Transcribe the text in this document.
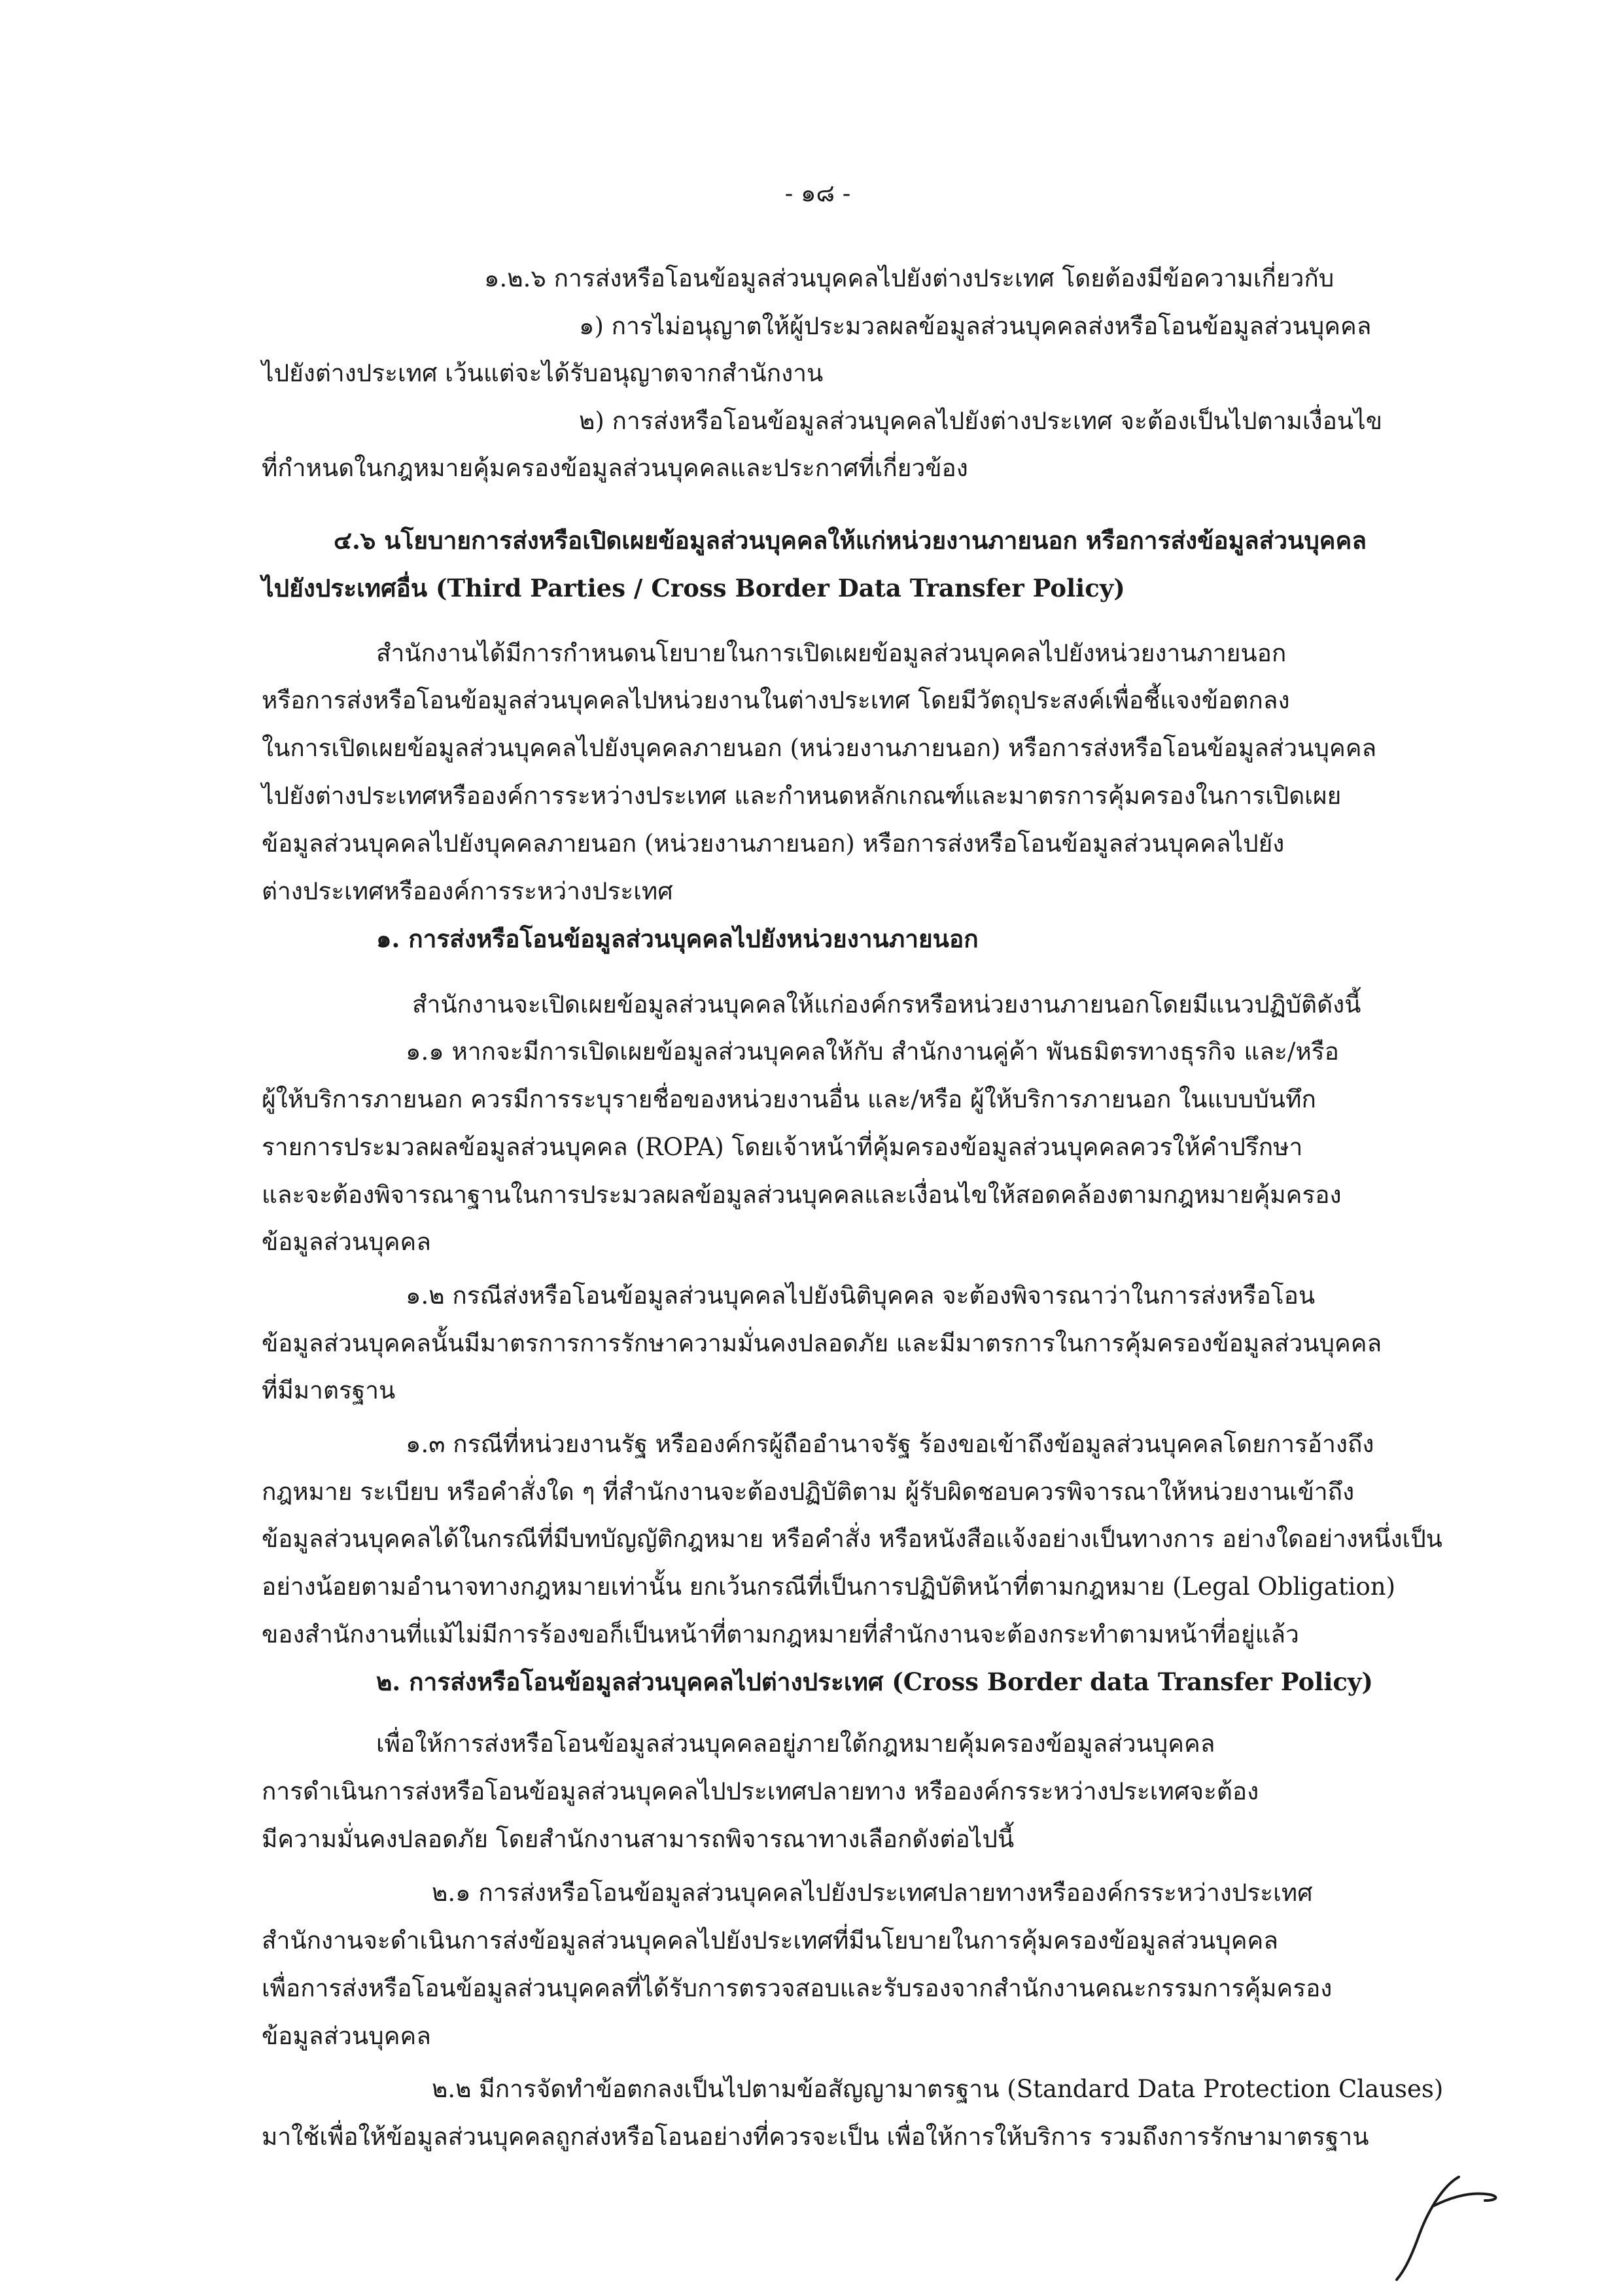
- ๑๘ -
๑.๒.๖ การส่งหรือโอนข้อมูลส่วนบุคคลไปยังต่างประเทศ โดยต้องมีข้อความเกี่ยวกับ
๑) การไม่อนุญาตให้ผู้ประมวลผลข้อมูลส่วนบุคคลส่งหรือโอนข้อมูลส่วนบุคคล
ไปยังต่างประเทศ เว้นแต่จะได้รับอนุญาตจากสำนักงาน
๒) การส่งหรือโอนข้อมูลส่วนบุคคลไปยังต่างประเทศ จะต้องเป็นไปตามเงื่อนไข
ที่กำหนดในกฎหมายคุ้มครองข้อมูลส่วนบุคคลและประกาศที่เกี่ยวข้อง
๔.๖ นโยบายการส่งหรือเปิดเผยข้อมูลส่วนบุคคลให้แก่หน่วยงานภายนอก หรือการส่งข้อมูลส่วนบุคคล
ไปยังประเทศอื่น (Third Parties / Cross Border Data Transfer Policy)
สำนักงานได้มีการกำหนดนโยบายในการเปิดเผยข้อมูลส่วนบุคคลไปยังหน่วยงานภายนอก
หรือการส่งหรือโอนข้อมูลส่วนบุคคลไปหน่วยงานในต่างประเทศ โดยมีวัตถุประสงค์เพื่อชี้แจงข้อตกลง
ในการเปิดเผยข้อมูลส่วนบุคคลไปยังบุคคลภายนอก (หน่วยงานภายนอก) หรือการส่งหรือโอนข้อมูลส่วนบุคคล
ไปยังต่างประเทศหรือองค์การระหว่างประเทศ และกำหนดหลักเกณฑ์และมาตรการคุ้มครองในการเปิดเผย
ข้อมูลส่วนบุคคลไปยังบุคคลภายนอก (หน่วยงานภายนอก) หรือการส่งหรือโอนข้อมูลส่วนบุคคลไปยัง
ต่างประเทศหรือองค์การระหว่างประเทศ
๑. การส่งหรือโอนข้อมูลส่วนบุคคลไปยังหน่วยงานภายนอก
สำนักงานจะเปิดเผยข้อมูลส่วนบุคคลให้แก่องค์กรหรือหน่วยงานภายนอกโดยมีแนวปฏิบัติดังนี้
๑.๑ หากจะมีการเปิดเผยข้อมูลส่วนบุคคลให้กับ สำนักงานคู่ค้า พันธมิตรทางธุรกิจ และ/หรือ
ผู้ให้บริการภายนอก ควรมีการระบุรายชื่อของหน่วยงานอื่น และ/หรือ ผู้ให้บริการภายนอก ในแบบบันทึก
รายการประมวลผลข้อมูลส่วนบุคคล (ROPA) โดยเจ้าหน้าที่คุ้มครองข้อมูลส่วนบุคคลควรให้คำปรึกษา
และจะต้องพิจารณาฐานในการประมวลผลข้อมูลส่วนบุคคลและเงื่อนไขให้สอดคล้องตามกฎหมายคุ้มครอง
ข้อมูลส่วนบุคคล
๑.๒ กรณีส่งหรือโอนข้อมูลส่วนบุคคลไปยังนิติบุคคล จะต้องพิจารณาว่าในการส่งหรือโอน
ข้อมูลส่วนบุคคลนั้นมีมาตรการการรักษาความมั่นคงปลอดภัย และมีมาตรการในการคุ้มครองข้อมูลส่วนบุคคล
ที่มีมาตรฐาน
๑.๓ กรณีที่หน่วยงานรัฐ หรือองค์กรผู้ถืออำนาจรัฐ ร้องขอเข้าถึงข้อมูลส่วนบุคคลโดยการอ้างถึง
กฎหมาย ระเบียบ หรือคำสั่งใด ๆ ที่สำนักงานจะต้องปฏิบัติตาม ผู้รับผิดชอบควรพิจารณาให้หน่วยงานเข้าถึง
ข้อมูลส่วนบุคคลได้ในกรณีที่มีบทบัญญัติกฎหมาย หรือคำสั่ง หรือหนังสือแจ้งอย่างเป็นทางการ อย่างใดอย่างหนึ่งเป็น
อย่างน้อยตามอำนาจทางกฎหมายเท่านั้น ยกเว้นกรณีที่เป็นการปฏิบัติหน้าที่ตามกฎหมาย (Legal Obligation)
ของสำนักงานที่แม้ไม่มีการร้องขอก็เป็นหน้าที่ตามกฎหมายที่สำนักงานจะต้องกระทำตามหน้าที่อยู่แล้ว
๒. การส่งหรือโอนข้อมูลส่วนบุคคลไปต่างประเทศ (Cross Border data Transfer Policy)
เพื่อให้การส่งหรือโอนข้อมูลส่วนบุคคลอยู่ภายใต้กฎหมายคุ้มครองข้อมูลส่วนบุคคล
การดำเนินการส่งหรือโอนข้อมูลส่วนบุคคลไปประเทศปลายทาง หรือองค์กรระหว่างประเทศจะต้อง
มีความมั่นคงปลอดภัย โดยสำนักงานสามารถพิจารณาทางเลือกดังต่อไปนี้
๒.๑ การส่งหรือโอนข้อมูลส่วนบุคคลไปยังประเทศปลายทางหรือองค์กรระหว่างประเทศ
สำนักงานจะดำเนินการส่งข้อมูลส่วนบุคคลไปยังประเทศที่มีนโยบายในการคุ้มครองข้อมูลส่วนบุคคล
เพื่อการส่งหรือโอนข้อมูลส่วนบุคคลที่ได้รับการตรวจสอบและรับรองจากสำนักงานคณะกรรมการคุ้มครอง
ข้อมูลส่วนบุคคล
๒.๒ มีการจัดทำข้อตกลงเป็นไปตามข้อสัญญามาตรฐาน (Standard Data Protection Clauses)
มาใช้เพื่อให้ข้อมูลส่วนบุคคลถูกส่งหรือโอนอย่างที่ควรจะเป็น เพื่อให้การให้บริการ รวมถึงการรักษามาตรฐาน
